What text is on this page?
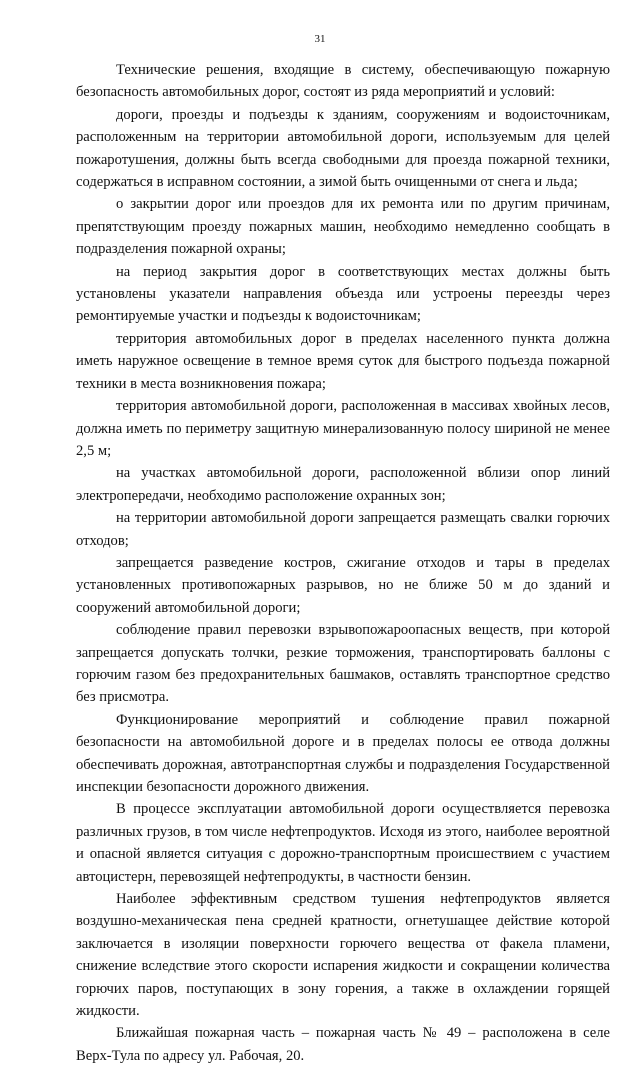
31

Технические решения, входящие в систему, обеспечивающую пожарную безопасность автомобильных дорог, состоят из ряда мероприятий и условий:

дороги, проезды и подъезды к зданиям, сооружениям и водоисточникам, расположенным на территории автомобильной дороги, используемым для целей пожаротушения, должны быть всегда свободными для проезда пожарной техники, содержаться в исправном состоянии, а зимой быть очищенными от снега и льда;

о закрытии дорог или проездов для их ремонта или по другим причинам, препятствующим проезду пожарных машин, необходимо немедленно сообщать в подразделения пожарной охраны;

на период закрытия дорог в соответствующих местах должны быть установлены указатели направления объезда или устроены переезды через ремонтируемые участки и подъезды к водоисточникам;

территория автомобильных дорог в пределах населенного пункта должна иметь наружное освещение в темное время суток для быстрого подъезда пожарной техники в места возникновения пожара;

территория автомобильной дороги, расположенная в массивах хвойных лесов, должна иметь по периметру защитную минерализованную полосу шириной не менее 2,5 м;

на участках автомобильной дороги, расположенной вблизи опор линий электропередачи, необходимо расположение охранных зон;

на территории автомобильной дороги запрещается размещать свалки горючих отходов;

запрещается разведение костров, сжигание отходов и тары в пределах установленных противопожарных разрывов, но не ближе 50 м до зданий и сооружений автомобильной дороги;

соблюдение правил перевозки взрывопожароопасных веществ, при которой запрещается допускать толчки, резкие торможения, транспортировать баллоны с горючим газом без предохранительных башмаков, оставлять транспортное средство без присмотра.

Функционирование мероприятий и соблюдение правил пожарной безопасности на автомобильной дороге и в пределах полосы ее отвода должны обеспечивать дорожная, автотранспортная службы и подразделения Государственной инспекции безопасности дорожного движения.

В процессе эксплуатации автомобильной дороги осуществляется перевозка различных грузов, в том числе нефтепродуктов. Исходя из этого, наиболее вероятной и опасной является ситуация с дорожно-транспортным происшествием с участием автоцистерн, перевозящей нефтепродукты, в частности бензин.

Наиболее эффективным средством тушения нефтепродуктов является воздушно-механическая пена средней кратности, огнетушащее действие которой заключается в изоляции поверхности горючего вещества от факела пламени, снижение вследствие этого скорости испарения жидкости и сокращении количества горючих паров, поступающих в зону горения, а также в охлаждении горящей жидкости.

Ближайшая пожарная часть – пожарная часть № 49 – расположена в селе Верх-Тула по адресу ул. Рабочая, 20.
